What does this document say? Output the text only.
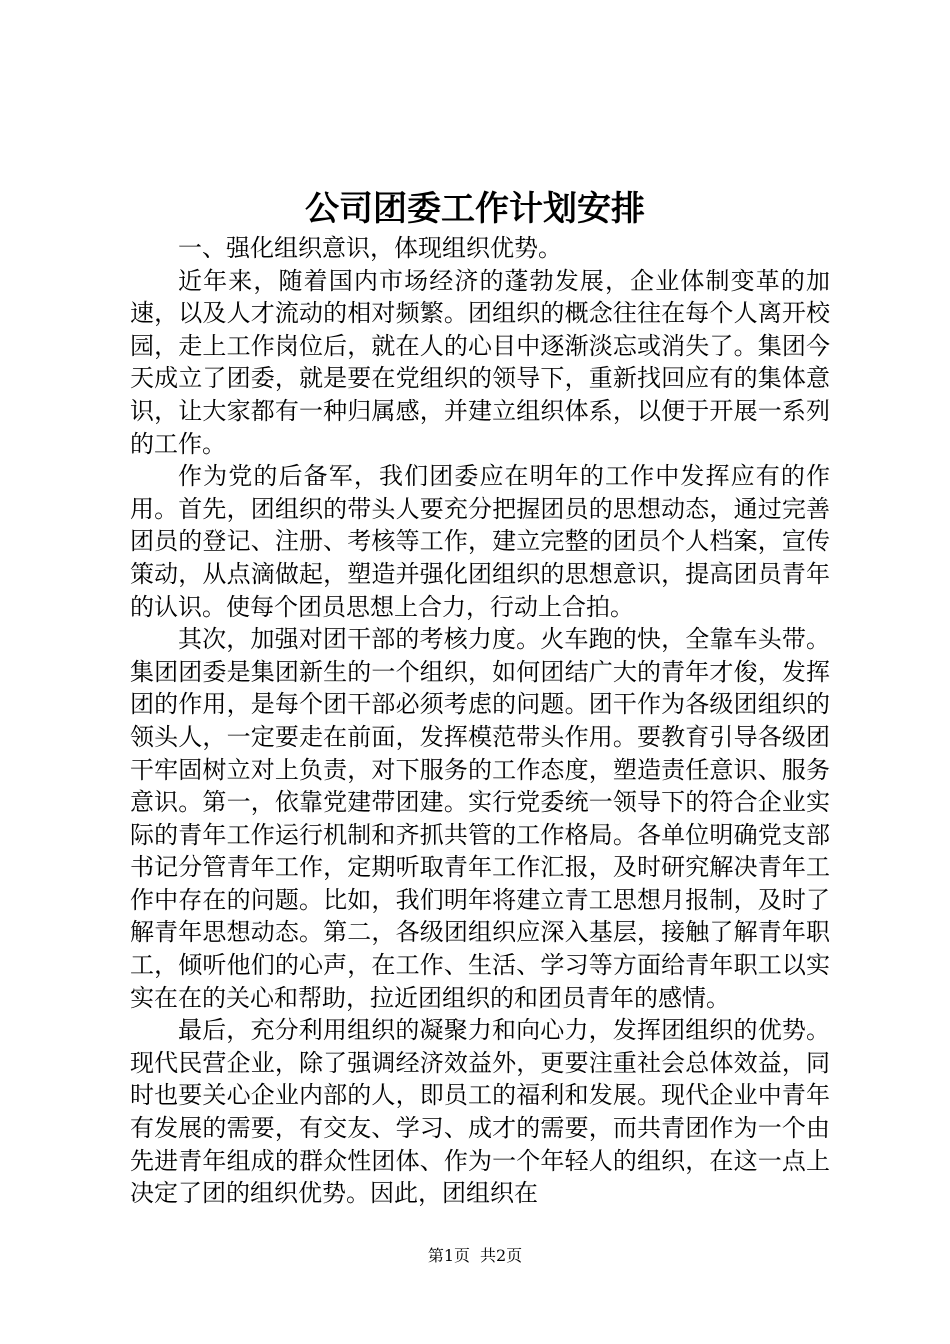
公司团委工作计划安排

一、强化组织意识，体现组织优势。

近年来，随着国内市场经济的蓬勃发展，企业体制变革的加速，以及人才流动的相对频繁。团组织的概念往往在每个人离开校园，走上工作岗位后，就在人的心目中逐渐淡忘或消失了。集团今天成立了团委，就是要在党组织的领导下，重新找回应有的集体意识，让大家都有一种归属感，并建立组织体系，以便于开展一系列的工作。

作为党的后备军，我们团委应在明年的工作中发挥应有的作用。首先，团组织的带头人要充分把握团员的思想动态，通过完善团员的登记、注册、考核等工作，建立完整的团员个人档案，宣传策动，从点滴做起，塑造并强化团组织的思想意识，提高团员青年的认识。使每个团员思想上合力，行动上合拍。

其次，加强对团干部的考核力度。火车跑的快，全靠车头带。集团团委是集团新生的一个组织，如何团结广大的青年才俊，发挥团的作用，是每个团干部必须考虑的问题。团干作为各级团组织的领头人，一定要走在前面，发挥模范带头作用。要教育引导各级团干牢固树立对上负责，对下服务的工作态度，塑造责任意识、服务意识。第一，依靠党建带团建。实行党委统一领导下的符合企业实际的青年工作运行机制和齐抓共管的工作格局。各单位明确党支部书记分管青年工作，定期听取青年工作汇报，及时研究解决青年工作中存在的问题。比如，我们明年将建立青工思想月报制，及时了解青年思想动态。第二，各级团组织应深入基层，接触了解青年职工，倾听他们的心声，在工作、生活、学习等方面给青年职工以实实在在的关心和帮助，拉近团组织的和团员青年的感情。

最后，充分利用组织的凝聚力和向心力，发挥团组织的优势。现代民营企业，除了强调经济效益外，更要注重社会总体效益，同时也要关心企业内部的人，即员工的福利和发展。现代企业中青年有发展的需要，有交友、学习、成才的需要，而共青团作为一个由先进青年组成的群众性团体、作为一个年轻人的组织，在这一点上决定了团的组织优势。因此，团组织在

第1页 共2页
